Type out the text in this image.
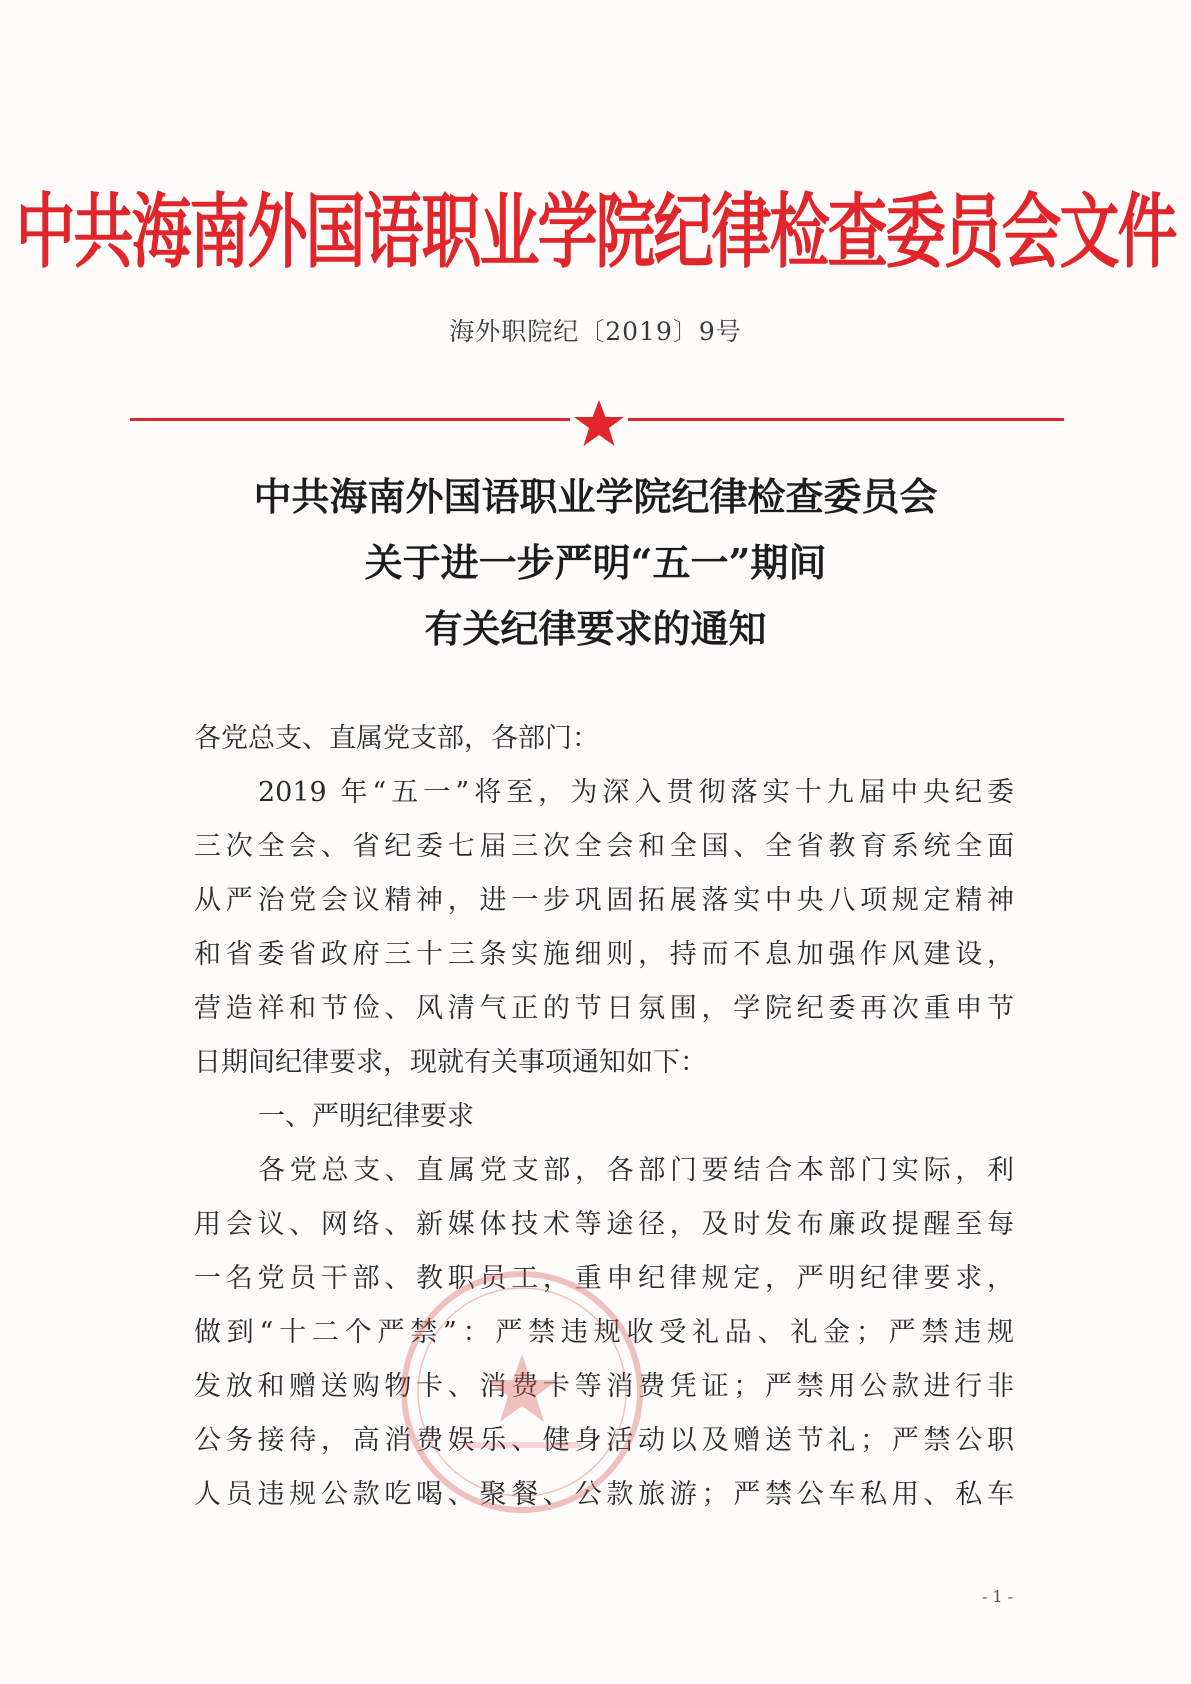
中共海南外国语职业学院纪律检查委员会文件
海外职院纪〔2019〕9号
中共海南外国语职业学院纪律检查委员会
关于进一步严明“五一”期间
有关纪律要求的通知
各党总支、直属党支部，各部门：
2019 年“五一”将至，为深入贯彻落实十九届中央纪委
三次全会、省纪委七届三次全会和全国、全省教育系统全面
从严治党会议精神，进一步巩固拓展落实中央八项规定精神
和省委省政府三十三条实施细则，持而不息加强作风建设，
营造祥和节俭、风清气正的节日氛围，学院纪委再次重申节
日期间纪律要求，现就有关事项通知如下：
一、严明纪律要求
各党总支、直属党支部，各部门要结合本部门实际，利
用会议、网络、新媒体技术等途径，及时发布廉政提醒至每
一名党员干部、教职员工，重申纪律规定，严明纪律要求，
做到“十二个严禁”：严禁违规收受礼品、礼金；严禁违规
发放和赠送购物卡、消费卡等消费凭证；严禁用公款进行非
公务接待，高消费娱乐、健身活动以及赠送节礼；严禁公职
人员违规公款吃喝、聚餐、公款旅游；严禁公车私用、私车
- 1 -
